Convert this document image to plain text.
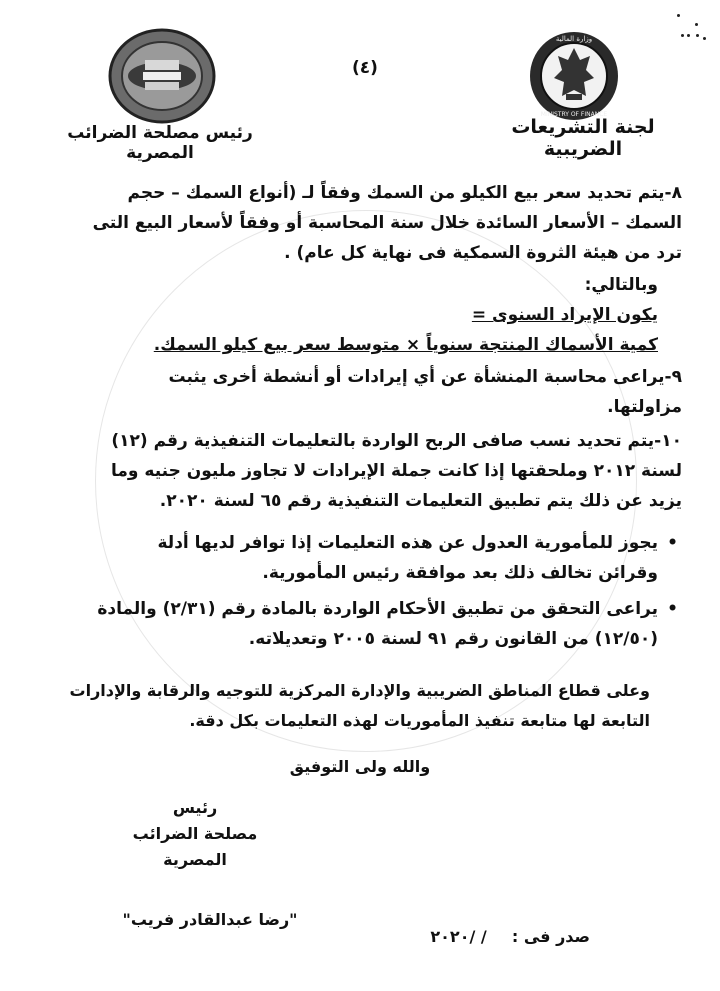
وزارة المالية
MINISTRY OF FINANCE
(٤)
رئيس مصلحة الضرائب المصرية
لجنة التشريعات الضريبية
٨-يتم تحديد سعر بيع الكيلو من السمك وفقاً لـ (أنواع السمك – حجم السمك – الأسعار السائدة خلال سنة المحاسبة أو وفقاً لأسعار البيع التى ترد من هيئة الثروة السمكية فى نهاية كل عام) .
وبالتالي:
يكون الإيراد السنوى =
كمية الأسماك المنتجة سنوياً × متوسط سعر بيع كيلو السمك.
٩-يراعى محاسبة المنشأة عن أي إيرادات أو أنشطة أخرى يثبت مزاولتها.
١٠-يتم تحديد نسب صافى الربح الواردة بالتعليمات التنفيذية رقم (١٢) لسنة ٢٠١٢ وملحقتها إذا كانت جملة الإيرادات لا تجاوز مليون جنيه وما يزيد عن ذلك يتم تطبيق التعليمات التنفيذية رقم ٦٥ لسنة ٢٠٢٠.
• يجوز للمأمورية العدول عن هذه التعليمات إذا توافر لديها أدلة وقرائن تخالف ذلك بعد موافقة رئيس المأمورية.
• يراعى التحقق من تطبيق الأحكام الواردة بالمادة رقم (٢/٣١) والمادة (١٢/٥٠) من القانون رقم ٩١ لسنة ٢٠٠٥ وتعديلاته.
وعلى قطاع المناطق الضريبية والإدارة المركزية للتوجيه والرقابة والإدارات التابعة لها متابعة تنفيذ المأموريات لهذه التعليمات بكل دقة.
والله ولى التوفيق
رئيس
مصلحة الضرائب المصرية
"رضا عبدالقادر فريب"
صدر فى :  / /٢٠٢٠
